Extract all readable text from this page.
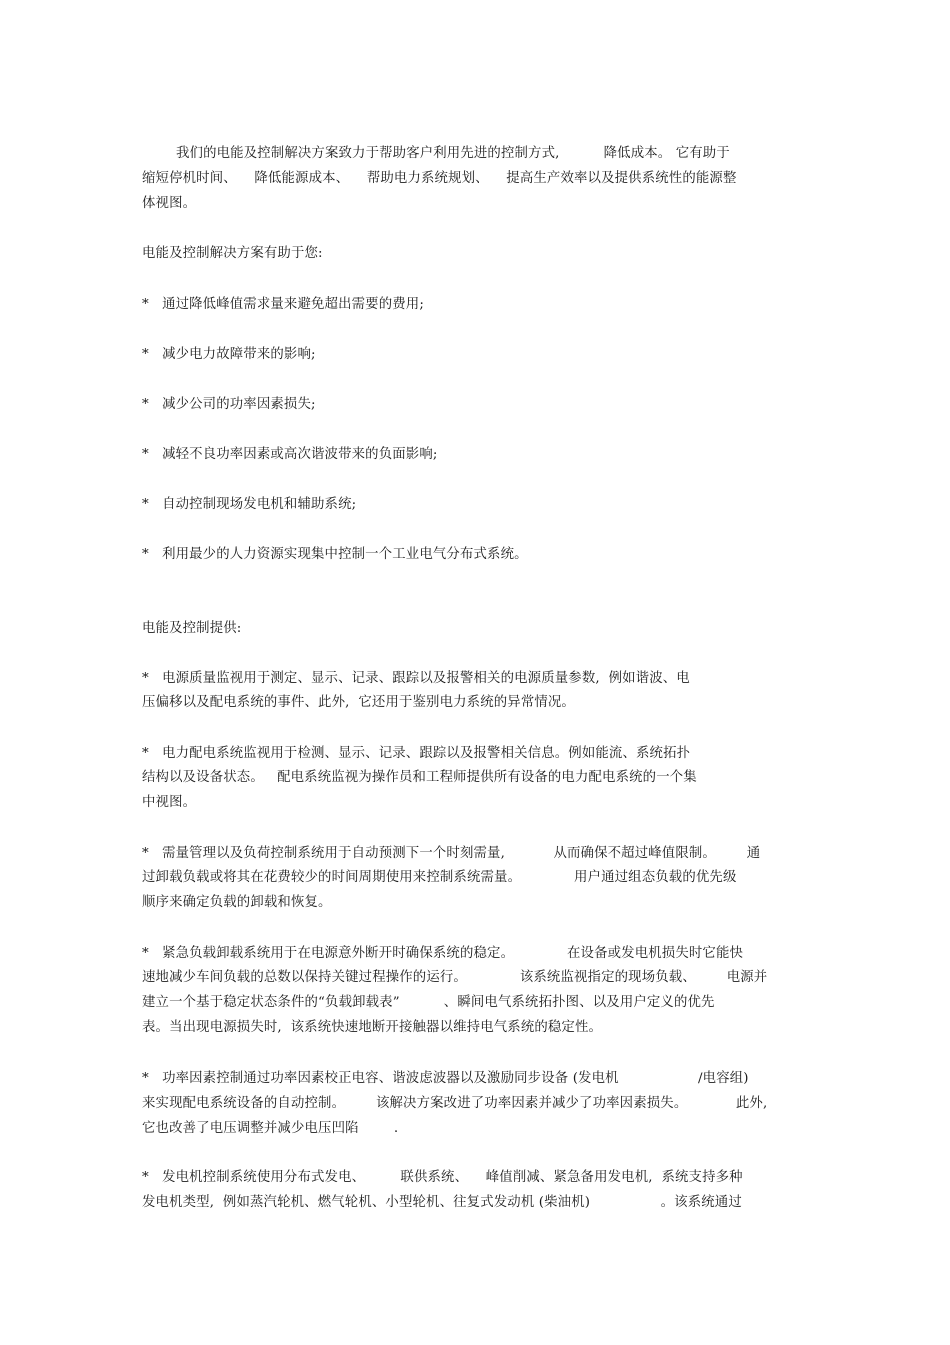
我们的电能及控制解决方案致力于帮助客户利用先进的控制方式,          降低成本。 它有助于
缩短停机时间、    降低能源成本、    帮助电力系统规划、    提高生产效率以及提供系统性的能源整
体视图。
电能及控制解决方案有助于您:
*   通过降低峰值需求量来避免超出需要的费用;
*   减少电力故障带来的影响;
*   减少公司的功率因素损失;
*   减轻不良功率因素或高次谐波带来的负面影响;
*   自动控制现场发电机和辅助系统;
*   利用最少的人力资源实现集中控制一个工业电气分布式系统。
电能及控制提供:
*   电源质量监视用于测定、显示、记录、跟踪以及报警相关的电源质量参数,  例如谐波、电
压偏移以及配电系统的事件、此外,  它还用于鉴别电力系统的异常情况。
*   电力配电系统监视用于检测、显示、记录、跟踪以及报警相关信息。例如能流、系统拓扑
结构以及设备状态。   配电系统监视为操作员和工程师提供所有设备的电力配电系统的一个集
中视图。
*   需量管理以及负荷控制系统用于自动预测下一个时刻需量,           从而确保不超过峰值限制。       通
过卸载负载或将其在花费较少的时间周期使用来控制系统需量。            用户通过组态负载的优先级
顺序来确定负载的卸载和恢复。
*   紧急负载卸载系统用于在电源意外断开时确保系统的稳定。            在设备或发电机损失时它能快
速地减少车间负载的总数以保持关键过程操作的运行。            该系统监视指定的现场负载、       电源并
建立一个基于稳定状态条件的“负载卸载表”          、瞬间电气系统拓扑图、以及用户定义的优先
表。当出现电源损失时,  该系统快速地断开接触器以维持电气系统的稳定性。
*   功率因素控制通过功率因素校正电容、谐波虑波器以及激励同步设备 (发电机                  /电容组)
来实现配电系统设备的自动控制。       该解决方案改进了功率因素并减少了功率因素损失。           此外,
它也改善了电压调整并减少电压凹陷        .
*   发电机控制系统使用分布式发电、        联供系统、    峰值削减、紧急备用发电机,  系统支持多种
发电机类型,  例如蒸汽轮机、燃气轮机、小型轮机、往复式发动机 (柴油机)                。该系统通过
